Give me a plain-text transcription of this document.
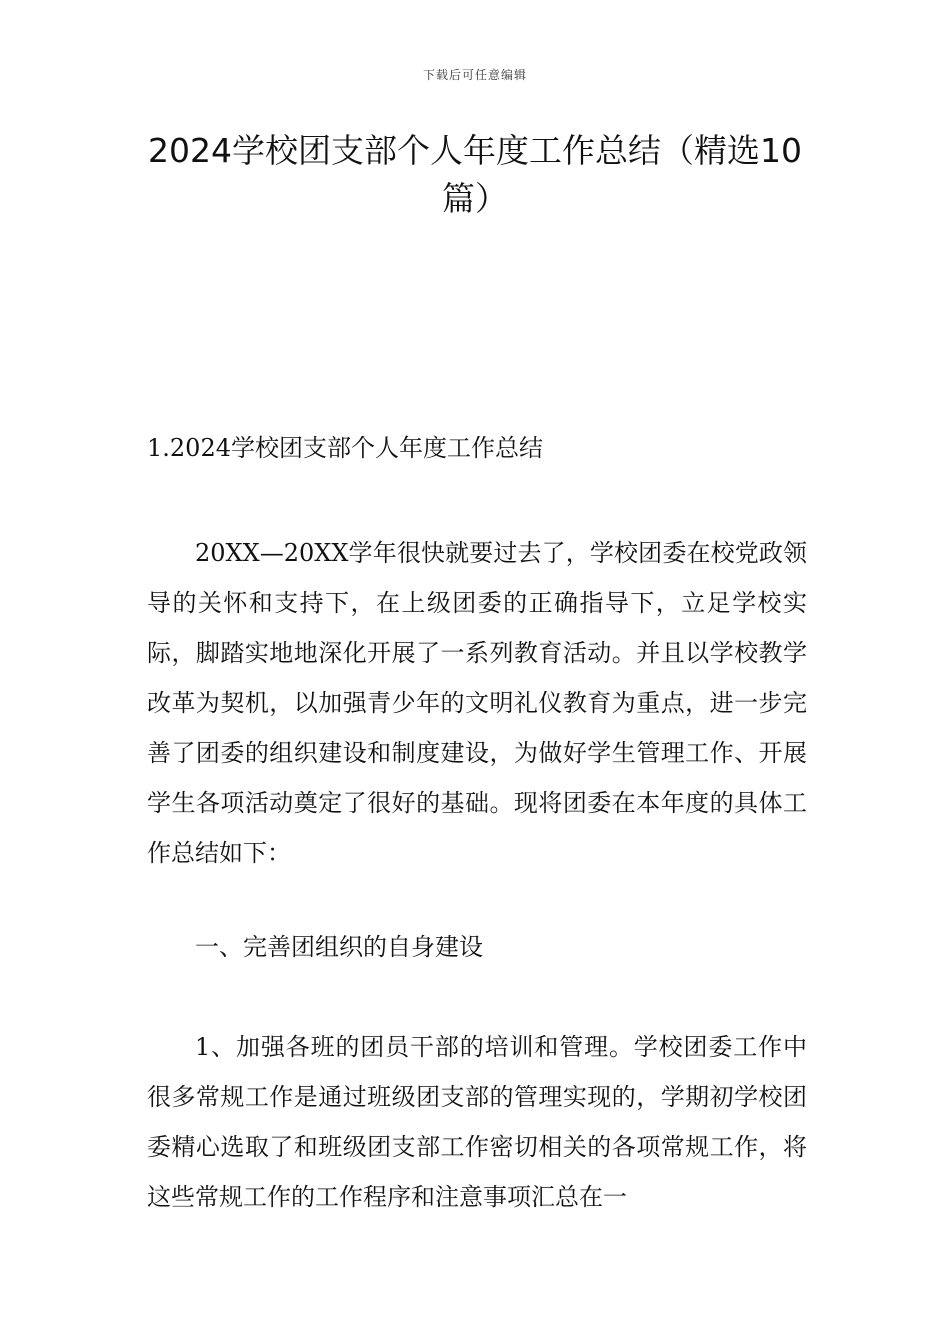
下载后可任意编辑
2024学校团支部个人年度工作总结（精选10篇）
1.2024学校团支部个人年度工作总结

20XX—20XX学年很快就要过去了，学校团委在校党政领导的关怀和支持下，在上级团委的正确指导下，立足学校实际，脚踏实地地深化开展了一系列教育活动。并且以学校教学改革为契机，以加强青少年的文明礼仪教育为重点，进一步完善了团委的组织建设和制度建设，为做好学生管理工作、开展学生各项活动奠定了很好的基础。现将团委在本年度的具体工作总结如下：

一、完善团组织的自身建设

1、加强各班的团员干部的培训和管理。学校团委工作中很多常规工作是通过班级团支部的管理实现的，学期初学校团委精心选取了和班级团支部工作密切相关的各项常规工作，将这些常规工作的工作程序和注意事项汇总在一
